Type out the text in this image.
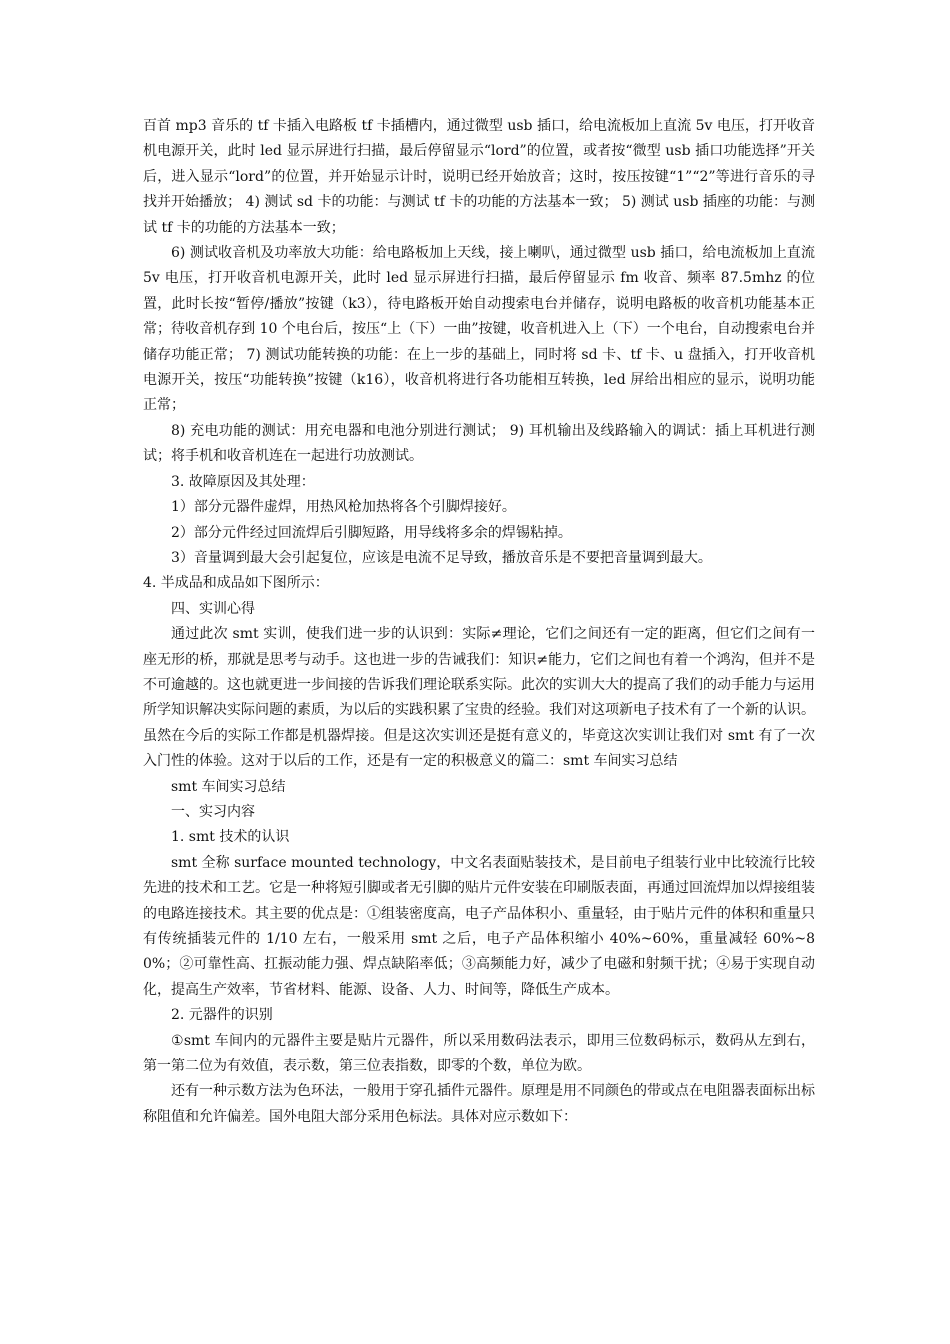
百首 mp3 音乐的 tf 卡插入电路板 tf 卡插槽内，通过微型 usb 插口，给电流板加上直流 5v 电压，打开收音机电源开关，此时 led 显示屏进行扫描，最后停留显示“lord”的位置，或者按“微型 usb 插口功能选择”开关后，进入显示“lord”的位置，并开始显示计时，说明已经开始放音；这时，按压按键“1”“2”等进行音乐的寻找并开始播放； 4) 测试 sd 卡的功能：与测试 tf 卡的功能的方法基本一致； 5) 测试 usb 插座的功能：与测试 tf 卡的功能的方法基本一致；

6) 测试收音机及功率放大功能：给电路板加上天线，接上喇叭，通过微型 usb 插口，给电流板加上直流 5v 电压，打开收音机电源开关，此时 led 显示屏进行扫描，最后停留显示 fm 收音、频率 87.5mhz 的位置，此时长按“暂停/播放”按键（k3），待电路板开始自动搜索电台并储存，说明电路板的收音机功能基本正常；待收音机存到 10 个电台后，按压“上（下）一曲”按键，收音机进入上（下）一个电台，自动搜索电台并储存功能正常； 7) 测试功能转换的功能：在上一步的基础上，同时将 sd 卡、tf 卡、u 盘插入，打开收音机电源开关，按压“功能转换”按键（k16），收音机将进行各功能相互转换，led 屏给出相应的显示，说明功能正常；

8) 充电功能的测试：用充电器和电池分别进行测试； 9) 耳机输出及线路输入的调试：插上耳机进行测试；将手机和收音机连在一起进行功放测试。

3. 故障原因及其处理：

1）部分元器件虚焊，用热风枪加热将各个引脚焊接好。

2）部分元件经过回流焊后引脚短路，用导线将多余的焊锡粘掉。

3）音量调到最大会引起复位，应该是电流不足导致，播放音乐是不要把音量调到最大。

4. 半成品和成品如下图所示：

四、实训心得

通过此次 smt 实训，使我们进一步的认识到：实际≠理论，它们之间还有一定的距离，但它们之间有一座无形的桥，那就是思考与动手。这也进一步的告诫我们：知识≠能力，它们之间也有着一个鸿沟，但并不是不可逾越的。这也就更进一步间接的告诉我们理论联系实际。此次的实训大大的提高了我们的动手能力与运用所学知识解决实际问题的素质，为以后的实践积累了宝贵的经验。我们对这项新电子技术有了一个新的认识。虽然在今后的实际工作都是机器焊接。但是这次实训还是挺有意义的，毕竟这次实训让我们对 smt 有了一次入门性的体验。这对于以后的工作，还是有一定的积极意义的篇二：smt 车间实习总结

smt 车间实习总结

一、实习内容

1. smt 技术的认识

smt 全称 surface mounted technology，中文名表面贴装技术，是目前电子组装行业中比较流行比较先进的技术和工艺。它是一种将短引脚或者无引脚的贴片元件安装在印刷版表面，再通过回流焊加以焊接组装的电路连接技术。其主要的优点是：①组装密度高，电子产品体积小、重量轻，由于贴片元件的体积和重量只有传统插装元件的 1/10 左右，一般采用 smt 之后，电子产品体积缩小 40%~60%，重量减轻 60%~80%；②可靠性高、扛振动能力强、焊点缺陷率低；③高频能力好，减少了电磁和射频干扰；④易于实现自动化，提高生产效率，节省材料、能源、设备、人力、时间等，降低生产成本。

2. 元器件的识别

①smt 车间内的元器件主要是贴片元器件，所以采用数码法表示，即用三位数码标示，数码从左到右，第一第二位为有效值，表示数，第三位表指数，即零的个数，单位为欧。

还有一种示数方法为色环法，一般用于穿孔插件元器件。原理是用不同颜色的带或点在电阻器表面标出标称阻值和允许偏差。国外电阻大部分采用色标法。具体对应示数如下：
